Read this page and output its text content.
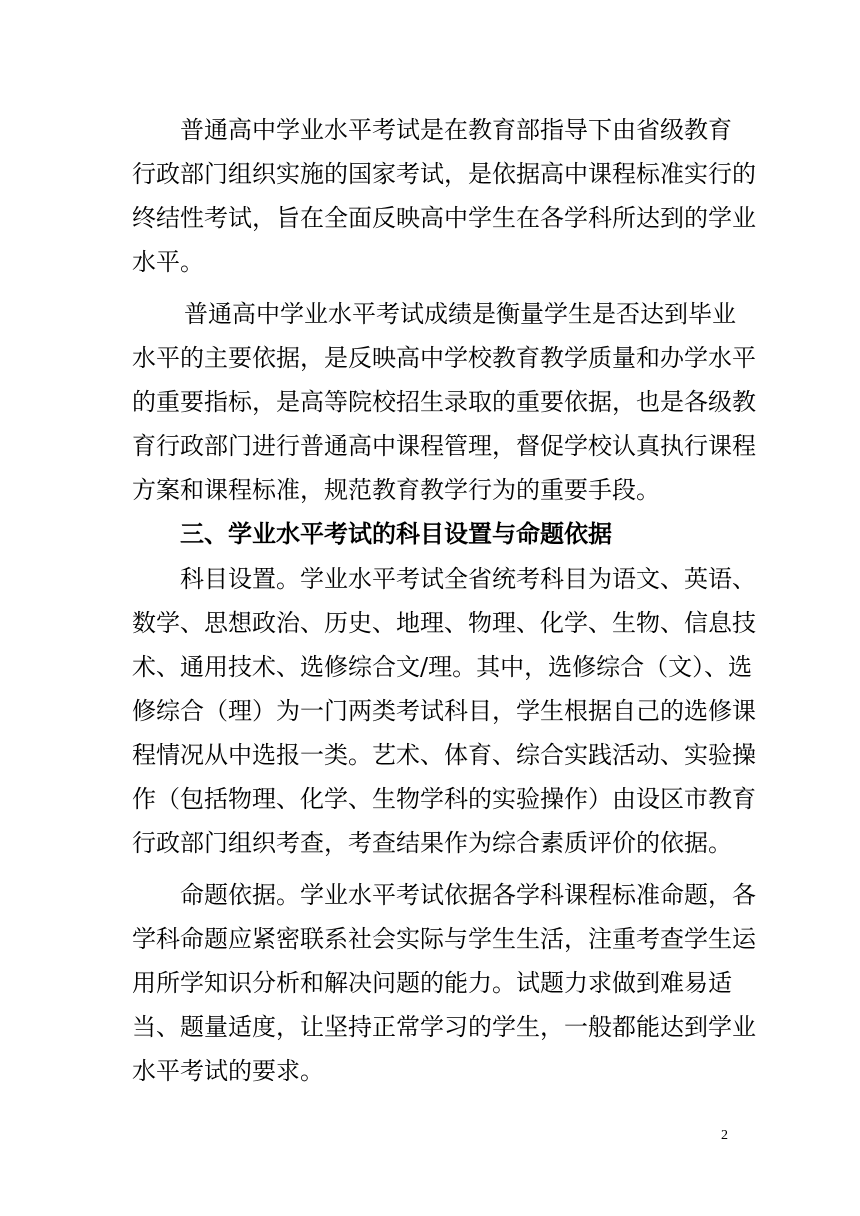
普通高中学业水平考试是在教育部指导下由省级教育
行政部门组织实施的国家考试，是依据高中课程标准实行的
终结性考试，旨在全面反映高中学生在各学科所达到的学业
水平。
普通高中学业水平考试成绩是衡量学生是否达到毕业
水平的主要依据，是反映高中学校教育教学质量和办学水平
的重要指标，是高等院校招生录取的重要依据，也是各级教
育行政部门进行普通高中课程管理，督促学校认真执行课程
方案和课程标准，规范教育教学行为的重要手段。
三、学业水平考试的科目设置与命题依据
科目设置。学业水平考试全省统考科目为语文、英语、
数学、思想政治、历史、地理、物理、化学、生物、信息技
术、通用技术、选修综合文/理。其中，选修综合（文）、选
修综合（理）为一门两类考试科目，学生根据自己的选修课
程情况从中选报一类。艺术、体育、综合实践活动、实验操
作（包括物理、化学、生物学科的实验操作）由设区市教育
行政部门组织考查，考查结果作为综合素质评价的依据。
命题依据。学业水平考试依据各学科课程标准命题，各
学科命题应紧密联系社会实际与学生生活，注重考查学生运
用所学知识分析和解决问题的能力。试题力求做到难易适
当、题量适度，让坚持正常学习的学生，一般都能达到学业
水平考试的要求。
2
